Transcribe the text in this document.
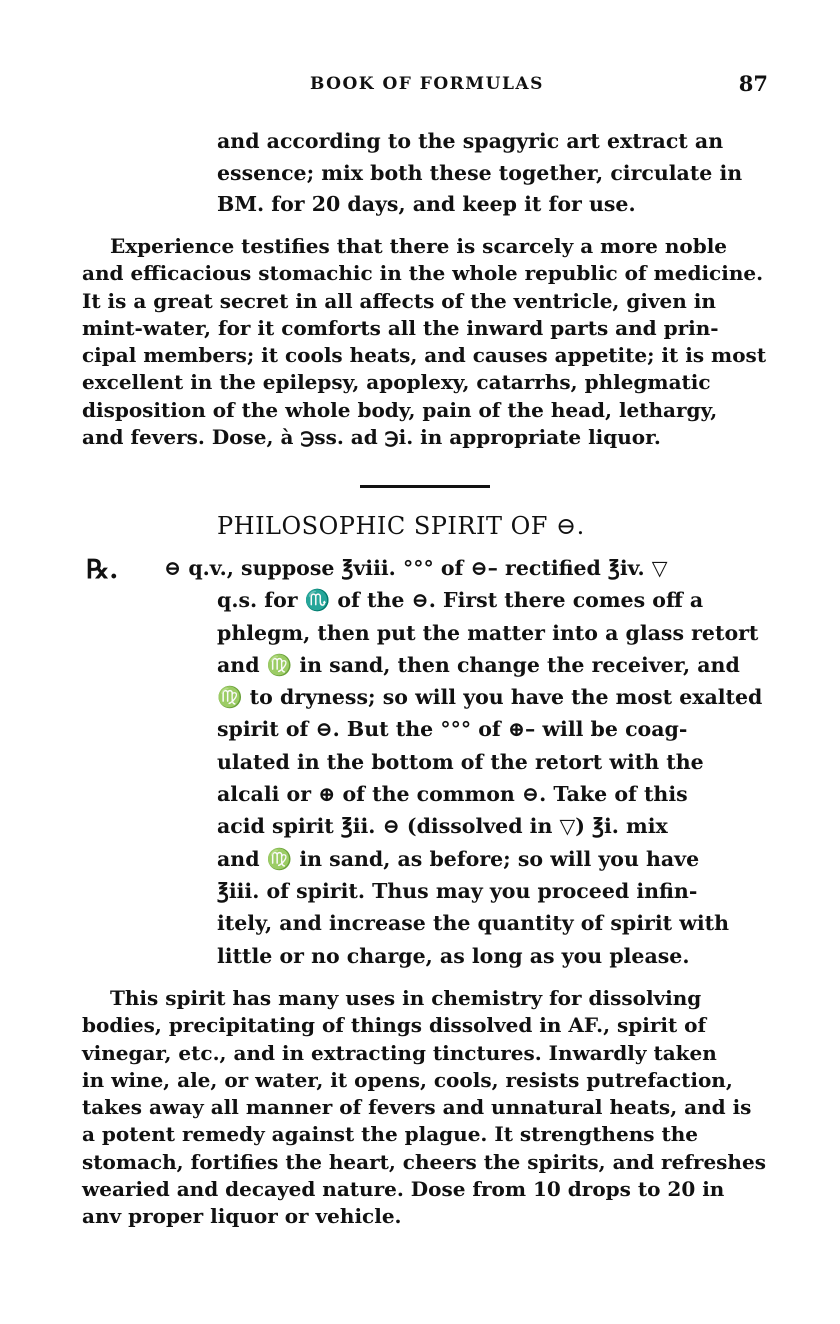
BOOK OF FORMULAS	87
and according to the spagyric art extract an
essence; mix both these together, circulate in
BM. for 20 days, and keep it for use.
Experience testifies that there is scarcely a more noble
and efficacious stomachic in the whole republic of medicine.
It is a great secret in all affects of the ventricle, given in
mint-water, for it comforts all the inward parts and prin-
cipal members; it cools heats, and causes appetite; it is most
excellent in the epilepsy, apoplexy, catarrhs, phlegmatic
disposition of the whole body, pain of the head, lethargy,
and fevers. Dose, à ℈ss. ad ℈i. in appropriate liquor.
PHILOSOPHIC SPIRIT OF ⊖.
℞. ⊖ q.v., suppose ℥viii. °°° of ⊖– rectified ℥iv. ▽
q.s. for ♏ of the ⊖. First there comes off a
phlegm, then put the matter into a glass retort
and ♍ in sand, then change the receiver, and
♍ to dryness; so will you have the most exalted
spirit of ⊖. But the °°° of ⊕– will be coag-
ulated in the bottom of the retort with the
alcali or ⊕ of the common ⊖. Take of this
acid spirit ℥ii. ⊖ (dissolved in ▽) ℥i. mix
and ♍ in sand, as before; so will you have
℥iii. of spirit. Thus may you proceed infin-
itely, and increase the quantity of spirit with
little or no charge, as long as you please.
This spirit has many uses in chemistry for dissolving
bodies, precipitating of things dissolved in AF., spirit of
vinegar, etc., and in extracting tinctures. Inwardly taken
in wine, ale, or water, it opens, cools, resists putrefaction,
takes away all manner of fevers and unnatural heats, and is
a potent remedy against the plague. It strengthens the
stomach, fortifies the heart, cheers the spirits, and refreshes
wearied and decayed nature. Dose from 10 drops to 20 in
anv proper liquor or vehicle.
